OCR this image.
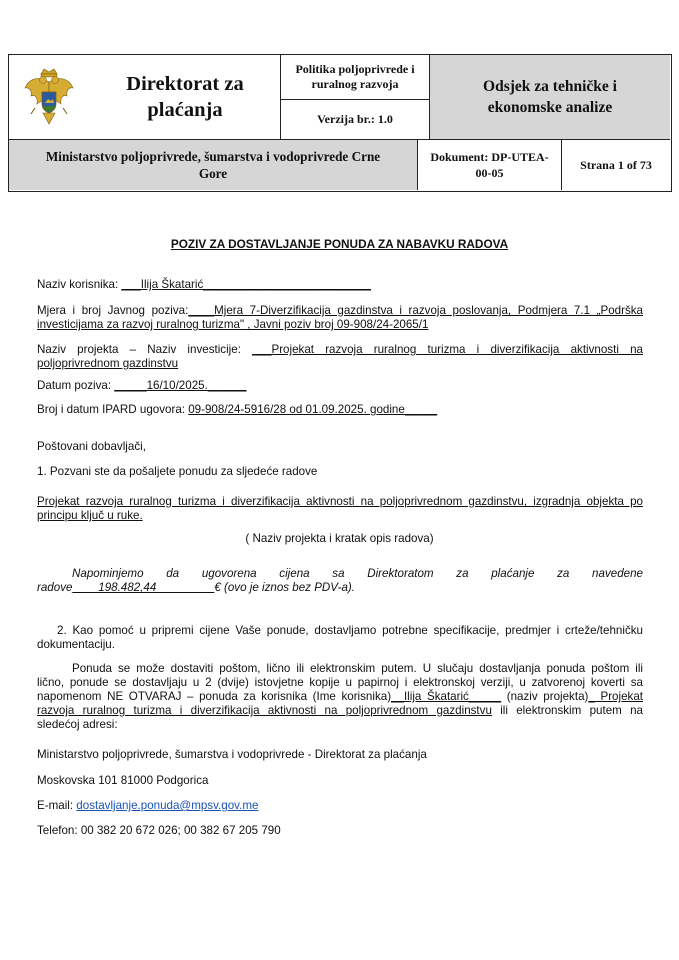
Direktorat za
plaćanja
Politika poljoprivrede i
ruralnog razvoja
Verzija br.: 1.0
Odsjek za tehničke i
ekonomske analize
Ministarstvo poljoprivrede, šumarstva i vodoprivrede Crne
Gore
Dokument: DP-UTEA-
00-05
Strana 1 of 73
POZIV ZA DOSTAVLJANJE PONUDA ZA NABAVKU RADOVA
Naziv korisnika: ___Ilija Škatarić__________________________
Mjera i broj Javnog poziva:____Mjera 7-Diverzifikacija gazdinstva i razvoja poslovanja, Podmjera 7.1 „Podrška
investicijama za razvoj ruralnog turizma" , Javni poziv broj 09-908/24-2065/1
Naziv projekta – Naziv investicije: ___Projekat razvoja ruralnog turizma i diverzifikacija aktivnosti na
poljoprivrednom gazdinstvu
Datum poziva: _____16/10/2025.______
Broj i datum IPARD ugovora: 09-908/24-5916/28 od 01.09.2025. godine_____
Poštovani dobavljači,
1. Pozvani ste da pošaljete ponudu za sljedeće radove
Projekat razvoja ruralnog turizma i diverzifikacija aktivnosti na poljoprivrednom gazdinstvu, izgradnja objekta po
principu ključ u ruke.
( Naziv projekta i kratak opis radova)
Napominjemo da ugovorena cijena sa Direktoratom za plaćanje za navedene
radove____198.482,44_________€ (ovo je iznos bez PDV-a).
2. Kao pomoć u pripremi cijene Vaše ponude, dostavljamo potrebne specifikacije, predmjer i crteže/tehničku
dokumentaciju.
Ponuda se može dostaviti poštom, lično ili elektronskim putem. U slučaju dostavljanja ponuda poštom ili
lično, ponude se dostavljaju u 2 (dvije) istovjetne kopije u papirnoj i elektronskoj verziji, u zatvorenoj koverti sa
napomenom NE OTVARAJ – ponuda za korisnika (Ime korisnika)__Ilija Škatarić_____ (naziv projekta)_ Projekat
razvoja ruralnog turizma i diverzifikacija aktivnosti na poljoprivrednom gazdinstvu ili elektronskim putem na
sledećoj adresi:
Ministarstvo poljoprivrede, šumarstva i vodoprivrede - Direktorat za plaćanja
Moskovska 101 81000 Podgorica
E-mail: dostavljanje.ponuda@mpsv.gov.me
Telefon: 00 382 20 672 026; 00 382 67 205 790
